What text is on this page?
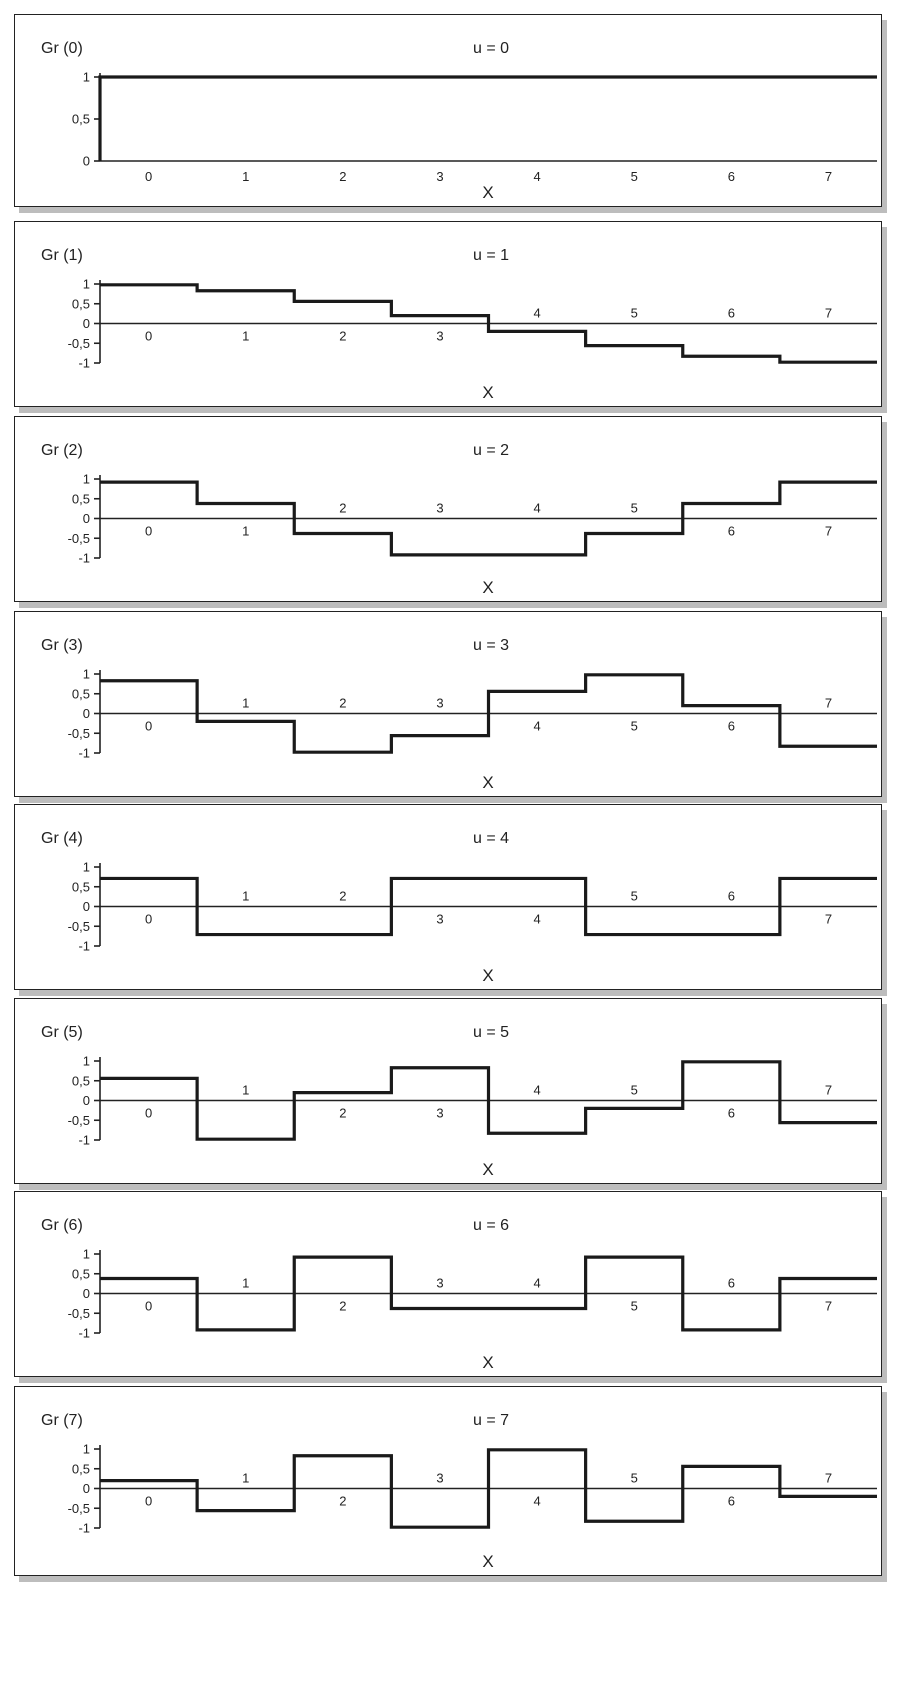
Gr (0)	u = 0
1
0,5
0
0	1	2	3	4	5	6	7
X
Gr (1)	u = 1
1
0,5
0
-0,5
-1
0	1	2	3
4	5	6	7
X
Gr (2)	u = 2
1
0,5
0
-0,5
-1
0	1
2	3	4	5
6	7
X
Gr (3)	u = 3
1
0,5
0
-0,5
-1
0
1	2	3
4	5	6
7
X
Gr (4)	u = 4
1
0,5
0
-0,5
-1
0
1	2
3	4
5	6
7
X
Gr (5)	u = 5
1
0,5
0
-0,5
-1
0
1
2	3
4	5
6
7
X
Gr (6)	u = 6
1
0,5
0
-0,5
-1
0
1
2
3	4
5
6
7
X
Gr (7)	u = 7
1
0,5
0
-0,5
-1
0
1
2
3
4
5
6
7
X
